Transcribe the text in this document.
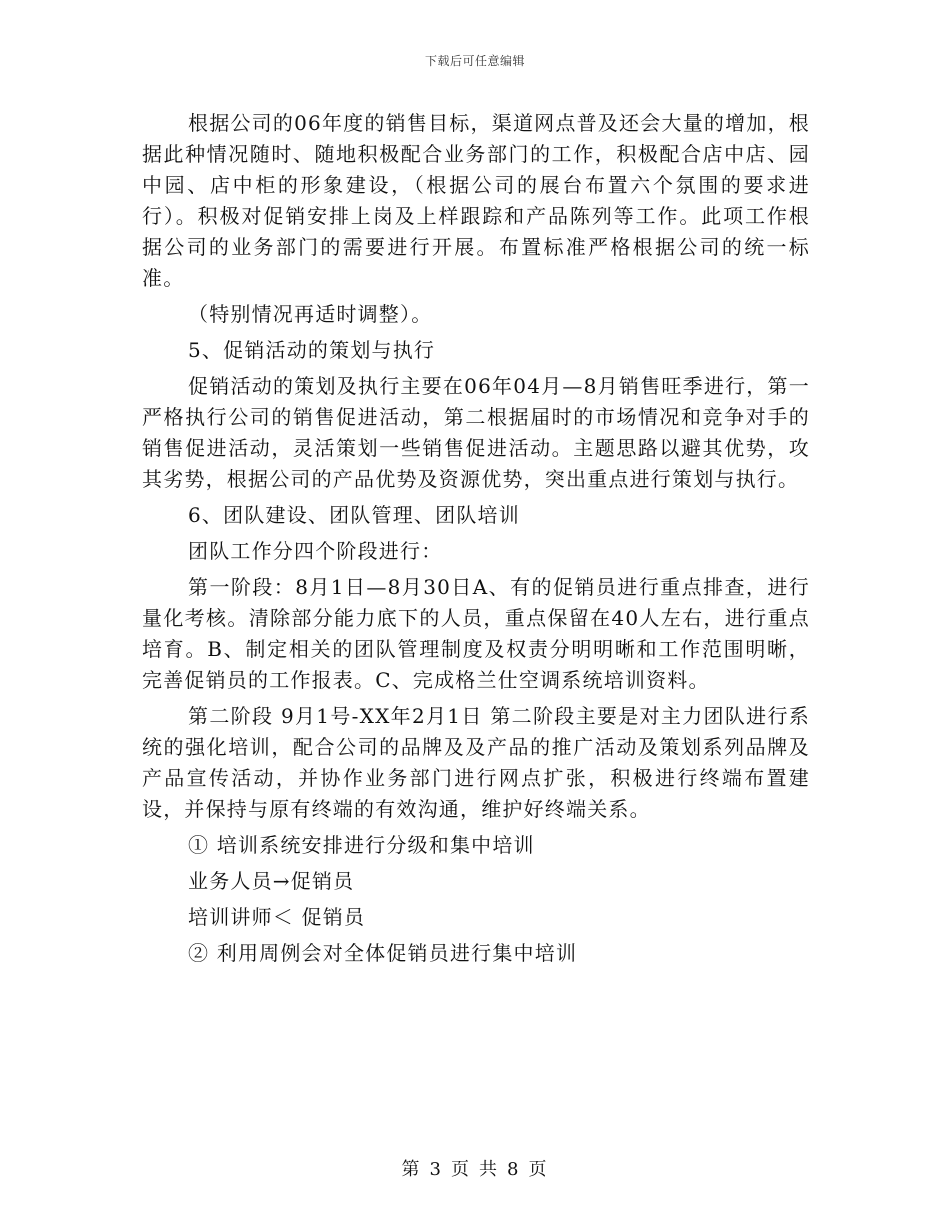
下载后可任意编辑

根据公司的06年度的销售目标，渠道网点普及还会大量的增加，根据此种情况随时、随地积极配合业务部门的工作，积极配合店中店、园中园、店中柜的形象建设，（根据公司的展台布置六个氛围的要求进行）。积极对促销安排上岗及上样跟踪和产品陈列等工作。此项工作根据公司的业务部门的需要进行开展。布置标准严格根据公司的统一标准。

（特别情况再适时调整）。

5、促销活动的策划与执行

促销活动的策划及执行主要在06年04月—8月销售旺季进行，第一严格执行公司的销售促进活动，第二根据届时的市场情况和竞争对手的销售促进活动，灵活策划一些销售促进活动。主题思路以避其优势，攻其劣势，根据公司的产品优势及资源优势，突出重点进行策划与执行。

6、团队建设、团队管理、团队培训

团队工作分四个阶段进行：

第一阶段：8月1日—8月30日A、有的促销员进行重点排查，进行量化考核。清除部分能力底下的人员，重点保留在40人左右，进行重点培育。B、制定相关的团队管理制度及权责分明明晰和工作范围明晰，完善促销员的工作报表。C、完成格兰仕空调系统培训资料。

第二阶段 9月1号-XX年2月1日 第二阶段主要是对主力团队进行系统的强化培训，配合公司的品牌及及产品的推广活动及策划系列品牌及产品宣传活动，并协作业务部门进行网点扩张，积极进行终端布置建设，并保持与原有终端的有效沟通，维护好终端关系。

① 培训系统安排进行分级和集中培训

业务人员→促销员

培训讲师＜ 促销员

② 利用周例会对全体促销员进行集中培训

第 3 页 共 8 页
